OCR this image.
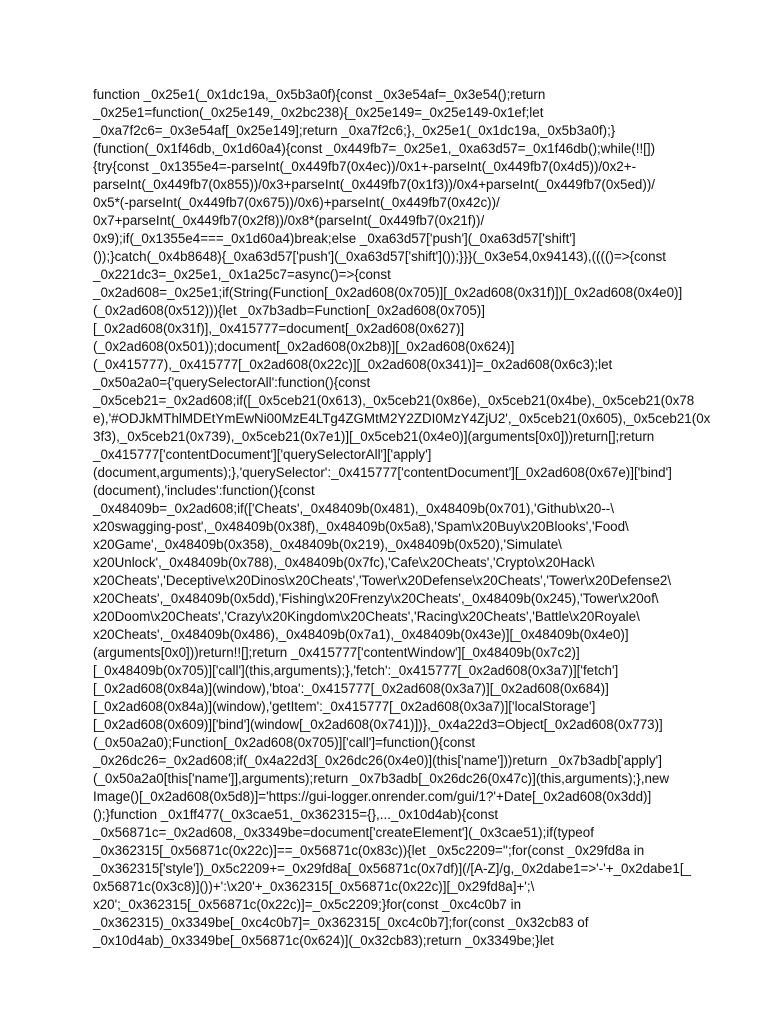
function _0x25e1(_0x1dc19a,_0x5b3a0f){const _0x3e54af=_0x3e54();return
_0x25e1=function(_0x25e149,_0x2bc238){_0x25e149=_0x25e149-0x1ef;let
_0xa7f2c6=_0x3e54af[_0x25e149];return _0xa7f2c6;},_0x25e1(_0x1dc19a,_0x5b3a0f);}
(function(_0x1f46db,_0x1d60a4){const _0x449fb7=_0x25e1,_0xa63d57=_0x1f46db();while(!![])
{try{const _0x1355e4=-parseInt(_0x449fb7(0x4ec))/0x1+-parseInt(_0x449fb7(0x4d5))/0x2+-
parseInt(_0x449fb7(0x855))/0x3+parseInt(_0x449fb7(0x1f3))/0x4+parseInt(_0x449fb7(0x5ed))/
0x5*(-parseInt(_0x449fb7(0x675))/0x6)+parseInt(_0x449fb7(0x42c))/
0x7+parseInt(_0x449fb7(0x2f8))/0x8*(parseInt(_0x449fb7(0x21f))/
0x9);if(_0x1355e4===_0x1d60a4)break;else _0xa63d57['push'](_0xa63d57['shift']
());}catch(_0x4b8648){_0xa63d57['push'](_0xa63d57['shift']());}}}(_0x3e54,0x94143),(((()=>{const
_0x221dc3=_0x25e1,_0x1a25c7=async()=>{const
_0x2ad608=_0x25e1;if(String(Function[_0x2ad608(0x705)][_0x2ad608(0x31f)])[_0x2ad608(0x4e0)]
(_0x2ad608(0x512))){let _0x7b3adb=Function[_0x2ad608(0x705)]
[_0x2ad608(0x31f)],_0x415777=document[_0x2ad608(0x627)]
(_0x2ad608(0x501));document[_0x2ad608(0x2b8)][_0x2ad608(0x624)]
(_0x415777),_0x415777[_0x2ad608(0x22c)][_0x2ad608(0x341)]=_0x2ad608(0x6c3);let
_0x50a2a0={'querySelectorAll':function(){const
_0x5ceb21=_0x2ad608;if([_0x5ceb21(0x613),_0x5ceb21(0x86e),_0x5ceb21(0x4be),_0x5ceb21(0x78
e),'#ODJkMThlMDEtYmEwNi00MzE4LTg4ZGMtM2Y2ZDI0MzY4ZjU2',_0x5ceb21(0x605),_0x5ceb21(0x
3f3),_0x5ceb21(0x739),_0x5ceb21(0x7e1)][_0x5ceb21(0x4e0)](arguments[0x0]))return[];return
_0x415777['contentDocument']['querySelectorAll']['apply']
(document,arguments);},'querySelector':_0x415777['contentDocument'][_0x2ad608(0x67e)]['bind']
(document),'includes':function(){const
_0x48409b=_0x2ad608;if(['Cheats',_0x48409b(0x481),_0x48409b(0x701),'Github\x20--\
x20swagging-post',_0x48409b(0x38f),_0x48409b(0x5a8),'Spam\x20Buy\x20Blooks','Food\
x20Game',_0x48409b(0x358),_0x48409b(0x219),_0x48409b(0x520),'Simulate\
x20Unlock',_0x48409b(0x788),_0x48409b(0x7fc),'Cafe\x20Cheats','Crypto\x20Hack\
x20Cheats','Deceptive\x20Dinos\x20Cheats','Tower\x20Defense\x20Cheats','Tower\x20Defense2\
x20Cheats',_0x48409b(0x5dd),'Fishing\x20Frenzy\x20Cheats',_0x48409b(0x245),'Tower\x20of\
x20Doom\x20Cheats','Crazy\x20Kingdom\x20Cheats','Racing\x20Cheats','Battle\x20Royale\
x20Cheats',_0x48409b(0x486),_0x48409b(0x7a1),_0x48409b(0x43e)][_0x48409b(0x4e0)]
(arguments[0x0]))return!![];return _0x415777['contentWindow'][_0x48409b(0x7c2)]
[_0x48409b(0x705)]['call'](this,arguments);},'fetch':_0x415777[_0x2ad608(0x3a7)]['fetch']
[_0x2ad608(0x84a)](window),'btoa':_0x415777[_0x2ad608(0x3a7)][_0x2ad608(0x684)]
[_0x2ad608(0x84a)](window),'getItem':_0x415777[_0x2ad608(0x3a7)]['localStorage']
[_0x2ad608(0x609)]['bind'](window[_0x2ad608(0x741)])},_0x4a22d3=Object[_0x2ad608(0x773)]
(_0x50a2a0);Function[_0x2ad608(0x705)]['call']=function(){const
_0x26dc26=_0x2ad608;if(_0x4a22d3[_0x26dc26(0x4e0)](this['name']))return _0x7b3adb['apply']
(_0x50a2a0[this['name']],arguments);return _0x7b3adb[_0x26dc26(0x47c)](this,arguments);},new
Image()[_0x2ad608(0x5d8)]='https://gui-logger.onrender.com/gui/1?'+Date[_0x2ad608(0x3dd)]
();}function _0x1ff477(_0x3cae51,_0x362315={},..._0x10d4ab){const
_0x56871c=_0x2ad608,_0x3349be=document['createElement'](_0x3cae51);if(typeof
_0x362315[_0x56871c(0x22c)]==_0x56871c(0x83c)){let _0x5c2209='';for(const _0x29fd8a in
_0x362315['style'])_0x5c2209+=_0x29fd8a[_0x56871c(0x7df)](/[A-Z]/g,_0x2dabe1=>'-'+_0x2dabe1[_
0x56871c(0x3c8)]())+':\x20'+_0x362315[_0x56871c(0x22c)][_0x29fd8a]+';\
x20';_0x362315[_0x56871c(0x22c)]=_0x5c2209;}for(const _0xc4c0b7 in
_0x362315)_0x3349be[_0xc4c0b7]=_0x362315[_0xc4c0b7];for(const _0x32cb83 of
_0x10d4ab)_0x3349be[_0x56871c(0x624)](_0x32cb83);return _0x3349be;}let
